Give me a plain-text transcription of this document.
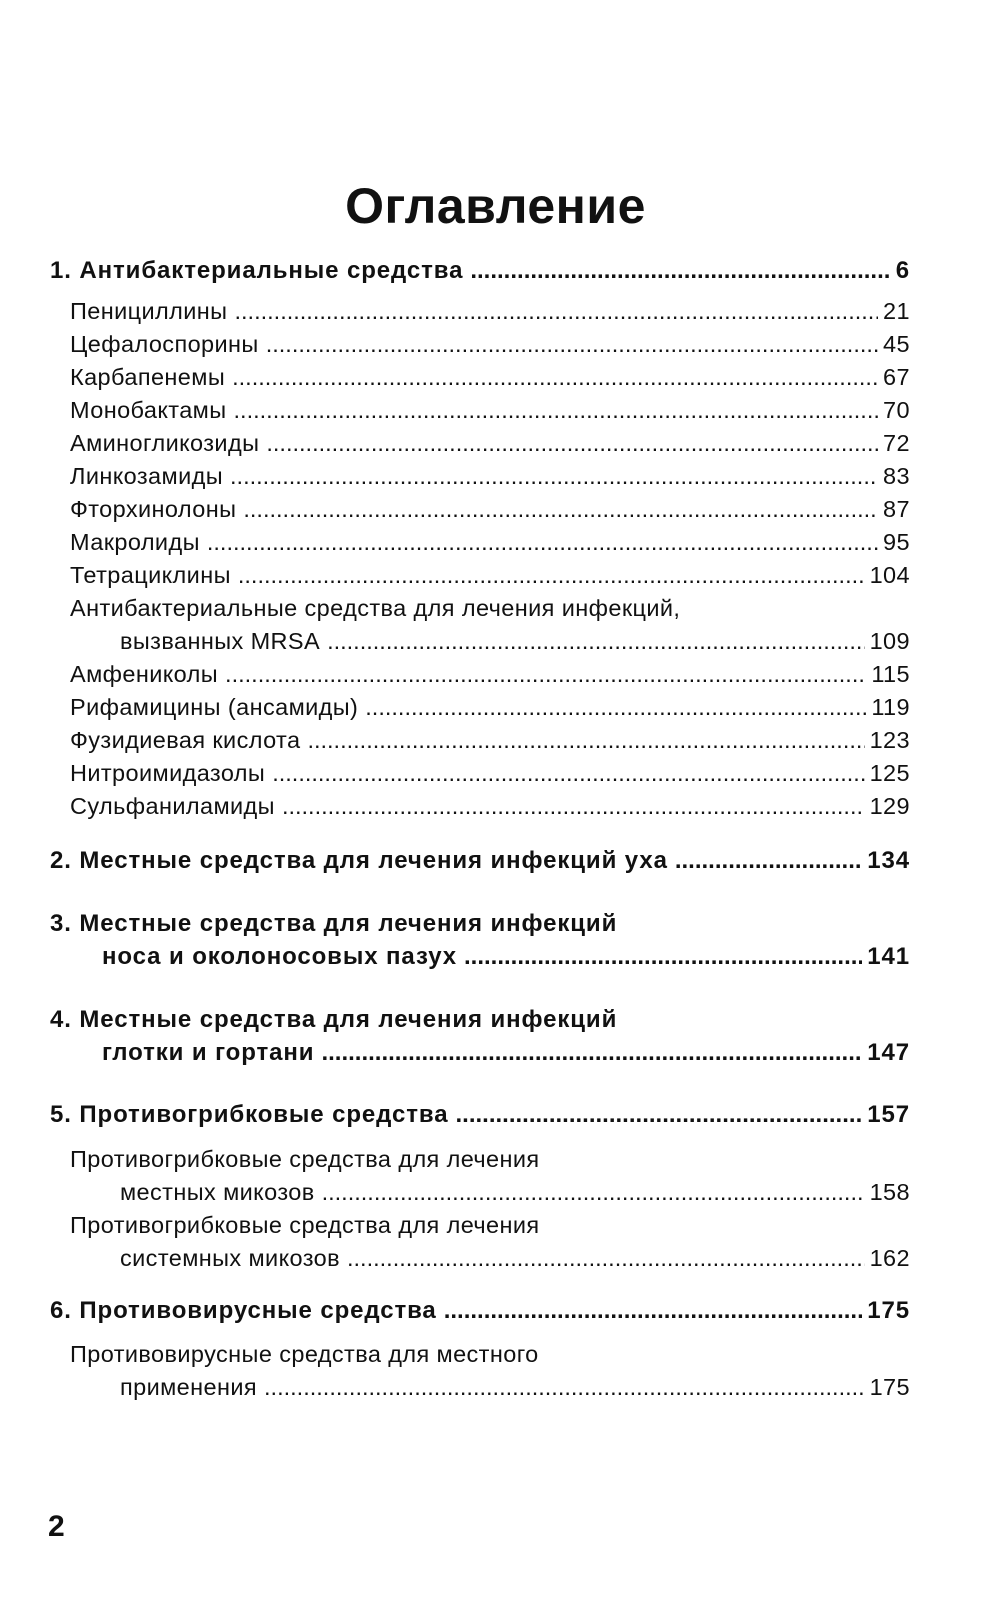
Оглавление
1. Антибактериальные средства .....	6
Пенициллины .....	21
Цефалоспорины .....	45
Карбапенемы .....	67
Монобактамы .....	70
Аминогликозиды .....	72
Линкозамиды .....	83
Фторхинолоны .....	87
Макролиды .....	95
Тетрациклины .....	104
Антибактериальные средства для лечения инфекций,
вызванных MRSA .....	109
Амфениколы .....	115
Рифамицины (ансамиды) .....	119
Фузидиевая кислота .....	123
Нитроимидазолы .....	125
Сульфаниламиды .....	129
2. Местные средства для лечения инфекций уха .....	134
3. Местные средства для лечения инфекций
носа и околоносовых пазух .....	141
4. Местные средства для лечения инфекций
глотки и гортани .....	147
5. Противогрибковые средства .....	157
Противогрибковые средства для лечения
местных микозов .....	158
Противогрибковые средства для лечения
системных микозов .....	162
6. Противовирусные средства .....	175
Противовирусные средства для местного
применения .....	175
2
